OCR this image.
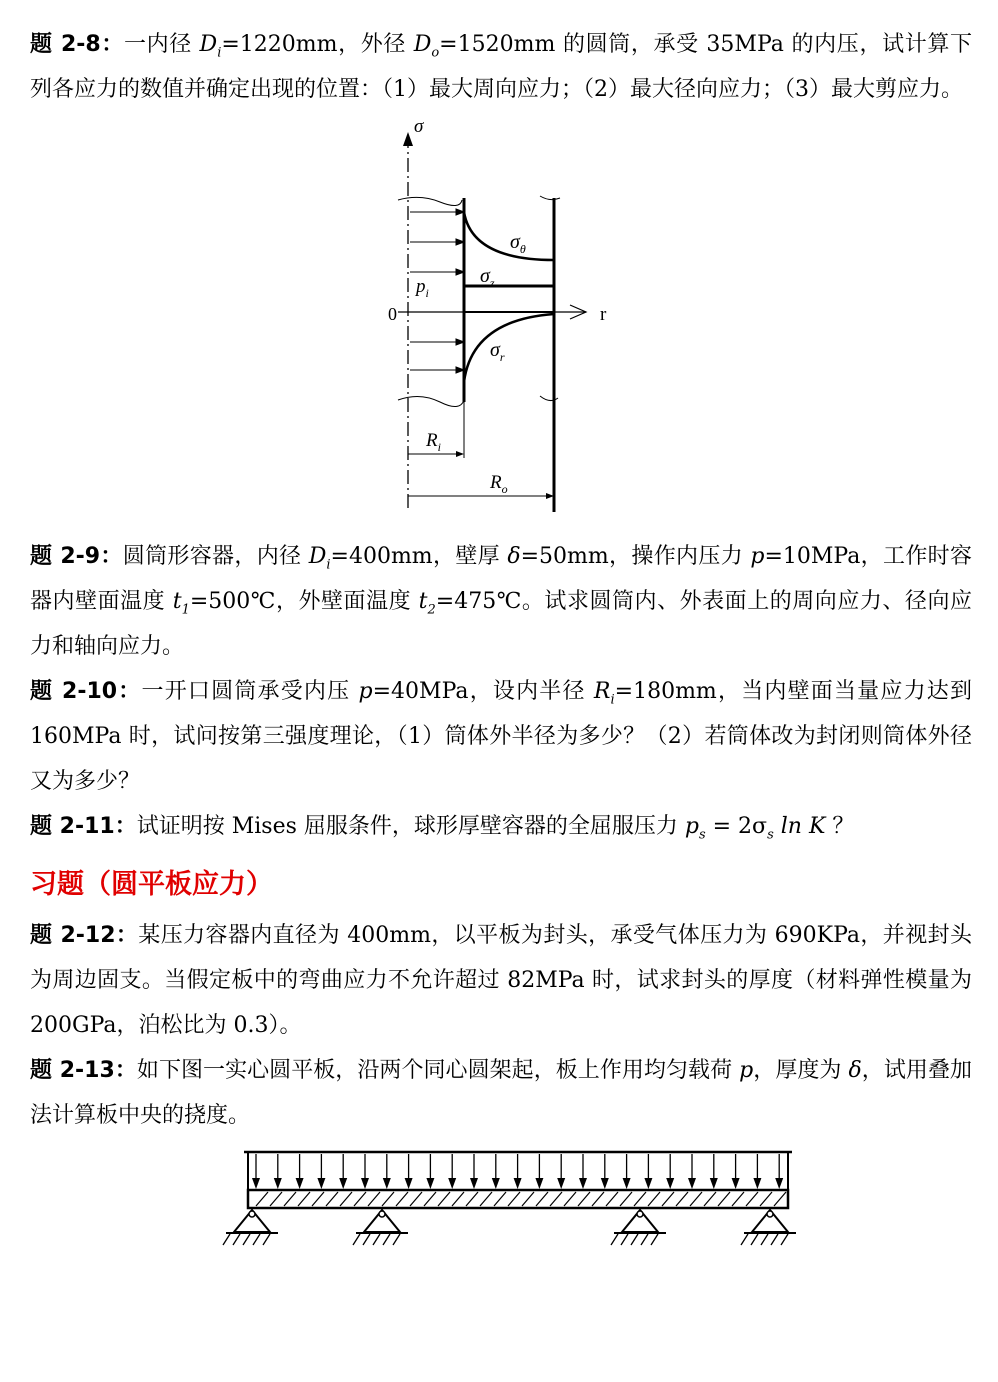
题 2-8：一内径 $D_i=1220mm$，外径 $D_o=1520mm$ 的圆筒，承受 35MPa 的内压，试计算下列各应力的数值并确定出现的位置：（1）最大周向应力；（2）最大径向应力；（3）最大剪应力。

σ
r
0
$p_i$
$\sigma_\theta$
$\sigma_z$
$\sigma_r$
$R_i$
$R_o$

题 2-9：圆筒形容器，内径 $D_i=400mm$，壁厚 δ=50mm，操作内压力 p=10MPa，工作时容器内壁面温度 $t_1=500℃$，外壁面温度 $t_2=475℃$。试求圆筒内、外表面上的周向应力、径向应力和轴向应力。

题 2-10：一开口圆筒承受内压 p=40MPa，设内半径 $R_i=180mm$，当内壁面当量应力达到 160MPa 时，试问按第三强度理论，（1）筒体外半径为多少？（2）若筒体改为封闭则筒体外径又为多少？

题 2-11：试证明按 Mises 屈服条件，球形厚壁容器的全屈服压力 $p_s = 2\sigma_s$ ln K ？

习题（圆平板应力）

题 2-12：某压力容器内直径为 400mm，以平板为封头，承受气体压力为 690KPa，并视封头为周边固支。当假定板中的弯曲应力不允许超过 82MPa 时，试求封头的厚度（材料弹性模量为 200GPa，泊松比为 0.3）。

题 2-13：如下图一实心圆平板，沿两个同心圆架起，板上作用均匀载荷 p，厚度为 δ，试用叠加法计算板中央的挠度。
